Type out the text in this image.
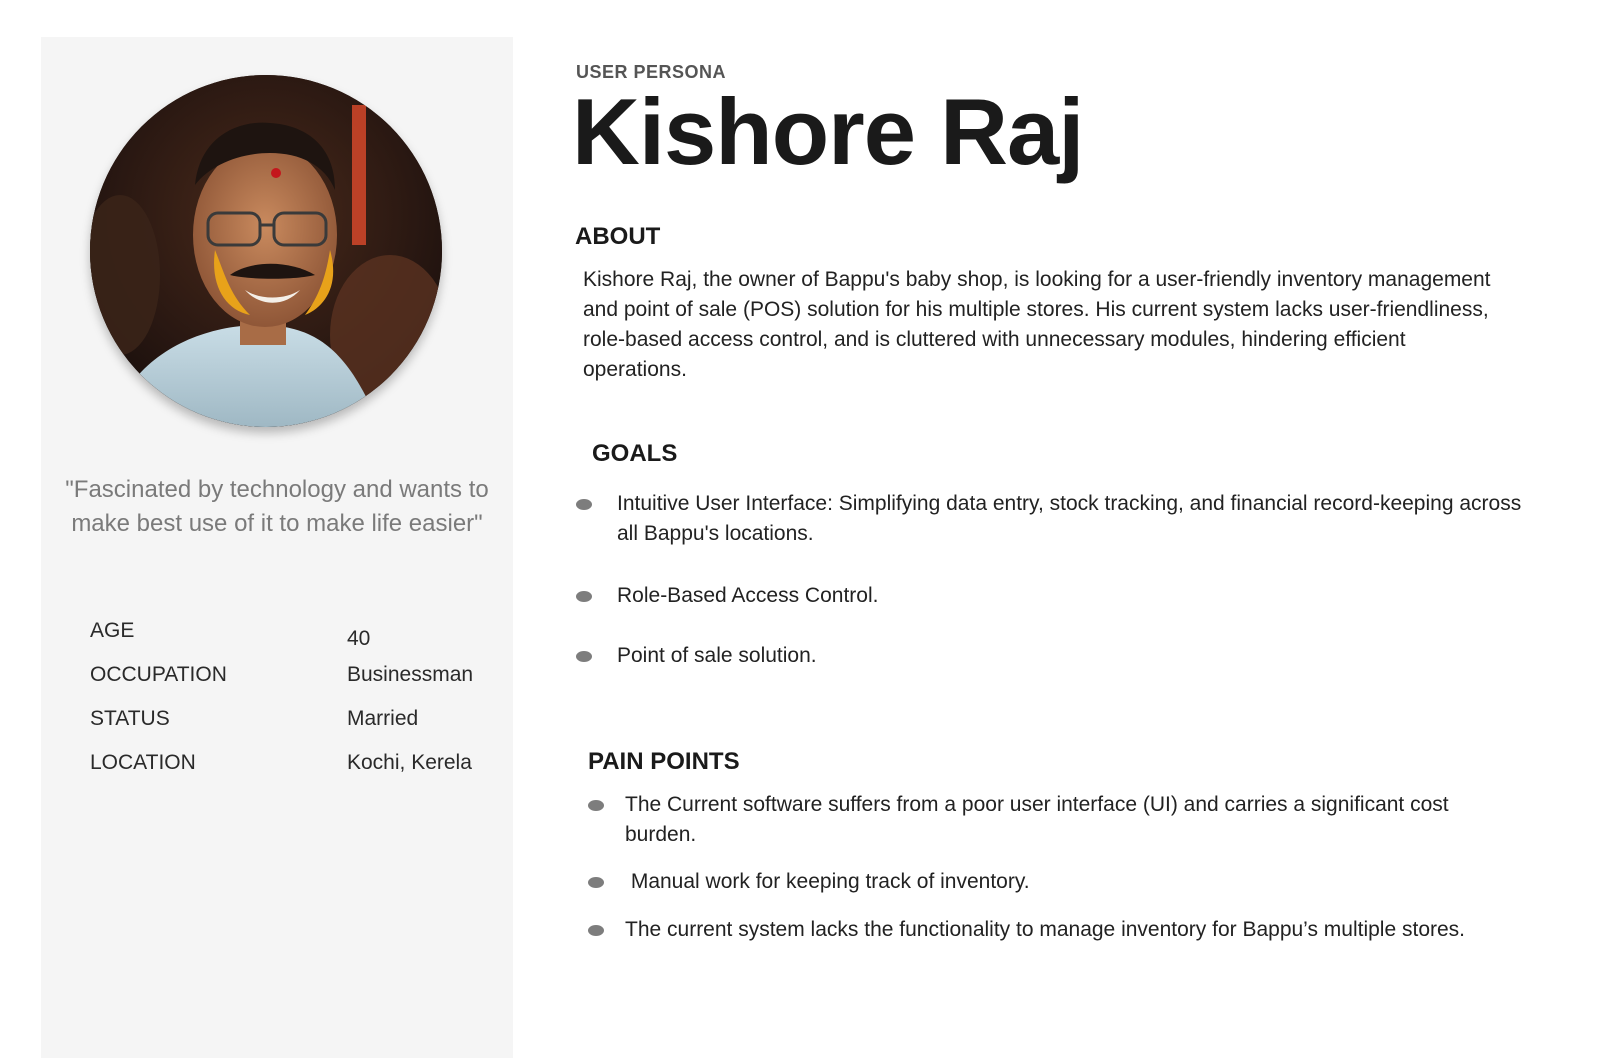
"Fascinated by technology and wants to make best use of it to make life easier"
AGE	40
OCCUPATION	Businessman
STATUS	Married
LOCATION	Kochi, Kerela
USER PERSONA
Kishore Raj
ABOUT
Kishore Raj, the owner of Bappu's baby shop, is looking for a user-friendly inventory management and point of sale (POS) solution for his multiple stores. His current system lacks user-friendliness, role-based access control, and is cluttered with unnecessary modules, hindering efficient operations.
GOALS
Intuitive User Interface: Simplifying data entry, stock tracking, and financial record-keeping across all Bappu's locations.
Role-Based Access Control.
Point of sale solution.
PAIN POINTS
The Current software suffers from a poor user interface (UI) and carries a significant cost burden.
Manual work for keeping track of inventory.
The current system lacks the functionality to manage inventory for Bappu’s multiple stores.
